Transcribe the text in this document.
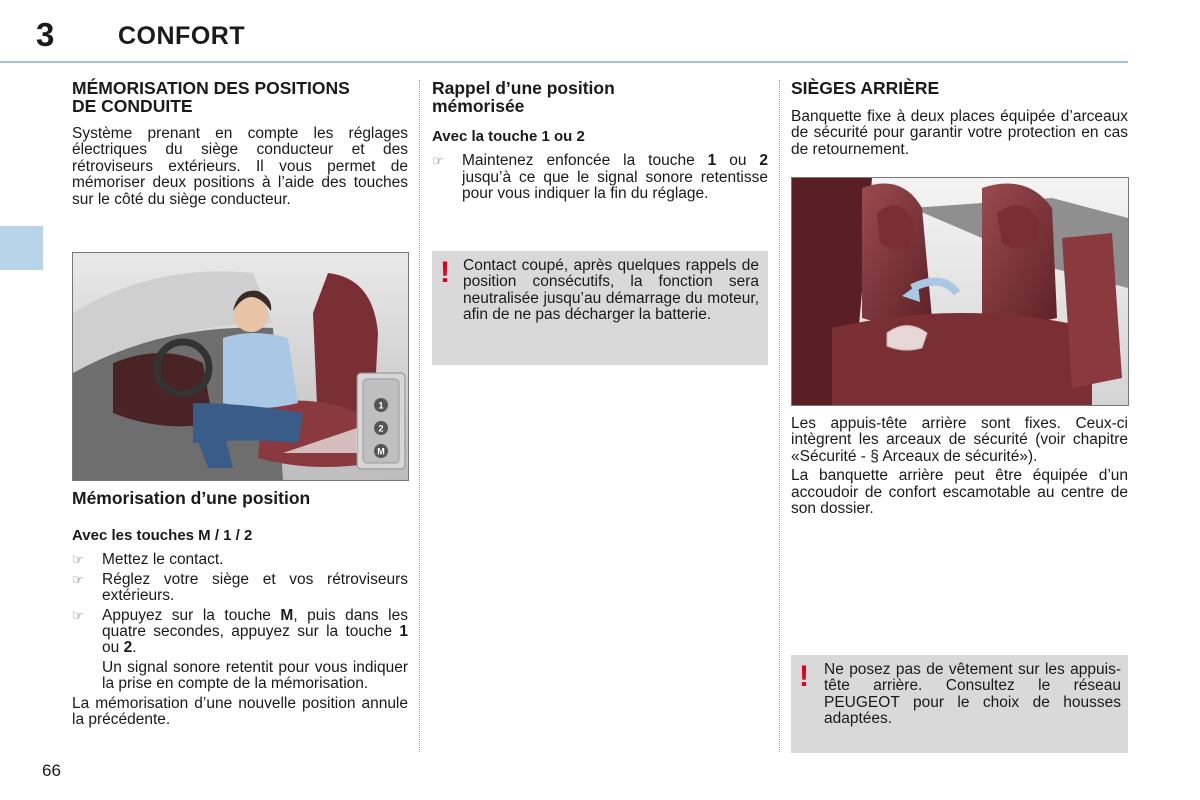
3	CONFORT
MÉMORISATION DES POSITIONS DE CONDUITE

Système prenant en compte les réglages électriques du siège conducteur et des rétroviseurs extérieurs. Il vous permet de mémoriser deux positions à l’aide des touches sur le côté du siège conducteur.

1
2
M
Mémorisation d’une position
Avec les touches M / 1 / 2
☞	Mettez le contact.
☞	Réglez votre siège et vos rétroviseurs extérieurs.
☞	Appuyez sur la touche M, puis dans les quatre secondes, appuyez sur la touche 1 ou 2.

Un signal sonore retentit pour vous indiquer la prise en compte de la mémorisation.

La mémorisation d’une nouvelle position annule la précédente.

Rappel d’une position mémorisée
Avec la touche 1 ou 2
☞	Maintenez enfoncée la touche 1 ou 2 jusqu’à ce que le signal sonore retentisse pour vous indiquer la fin du réglage.
! Contact coupé, après quelques rappels de position consécutifs, la fonction sera neutralisée jusqu’au démarrage du moteur, afin de ne pas décharger la batterie.

SIÈGES ARRIÈRE

Banquette fixe à deux places équipée d’arceaux de sécurité pour garantir votre protection en cas de retournement.

Les appuis-tête arrière sont fixes. Ceux-ci intègrent les arceaux de sécurité (voir chapitre «Sécurité - § Arceaux de sécurité»).

La banquette arrière peut être équipée d’un accoudoir de confort escamotable au centre de son dossier.

! Ne posez pas de vêtement sur les appuis-tête arrière. Consultez le réseau PEUGEOT pour le choix de housses adaptées.

66
